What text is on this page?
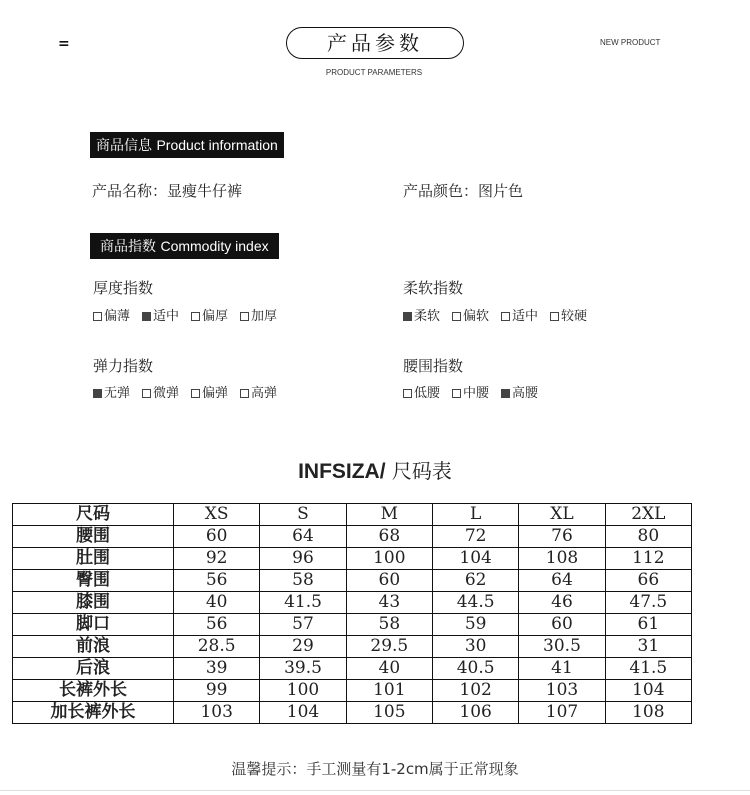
=	产品参数
PRODUCT PARAMETERS
NEW PRODUCT
商品信息 Product information
产品名称：显瘦牛仔裤	产品颜色：图片色
商品指数 Commodity index
厚度指数
偏薄 适中 偏厚 加厚
柔软指数
柔软 偏软 适中 较硬
弹力指数
无弹 微弹 偏弹 高弹
腰围指数
低腰 中腰 高腰
INFSIZA/ 尺码表
尺码	XS	S	M	L	XL	2XL
腰围	60	64	68	72	76	80
肚围	92	96	100	104	108	112
臀围	56	58	60	62	64	66
膝围	40	41.5	43	44.5	46	47.5
脚口	56	57	58	59	60	61
前浪	28.5	29	29.5	30	30.5	31
后浪	39	39.5	40	40.5	41	41.5
长裤外长	99	100	101	102	103	104
加长裤外长	103	104	105	106	107	108
温馨提示：手工测量有1-2cm属于正常现象
